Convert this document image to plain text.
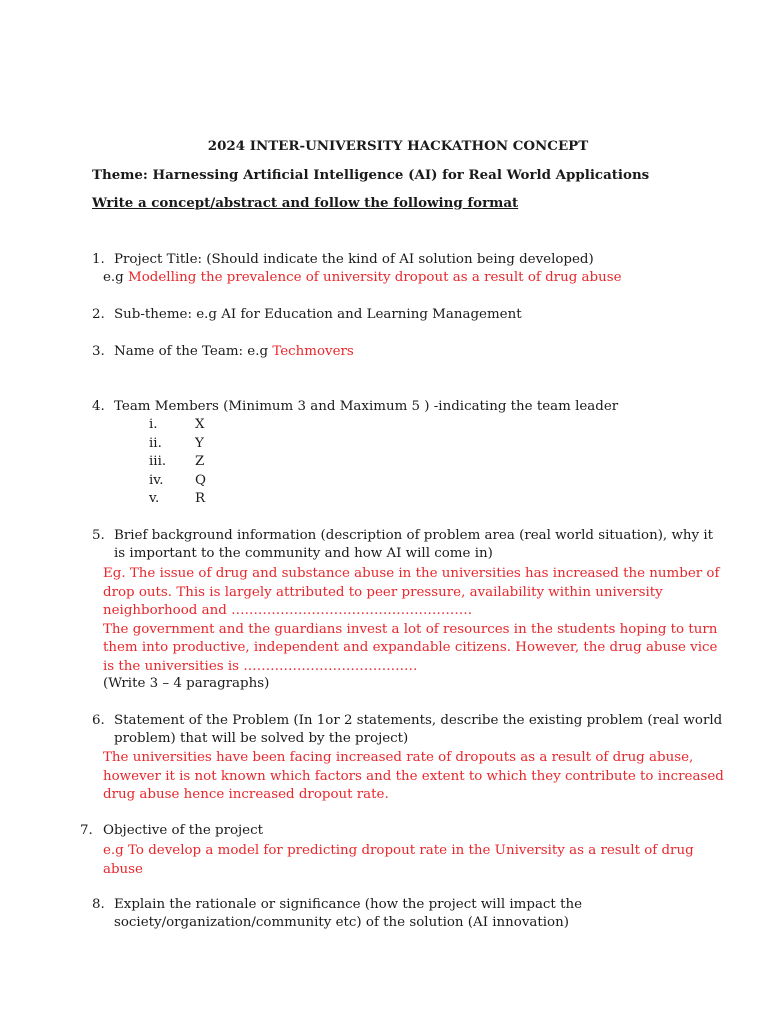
2024 INTER-UNIVERSITY HACKATHON CONCEPT
Theme: Harnessing Artificial Intelligence (AI) for Real World Applications
Write a concept/abstract and follow the following format
1. Project Title: (Should indicate the kind of AI solution being developed)
e.g Modelling the prevalence of university dropout as a result of drug abuse
2. Sub-theme: e.g AI for Education and Learning Management
3. Name of the Team: e.g Techmovers
4. Team Members (Minimum 3 and Maximum 5 ) -indicating the team leader
i.	X
ii. Y
iii. Z
iv. Q
v.	R
5. Brief background information (description of problem area (real world situation), why it
is important to the community and how AI will come in)
Eg. The issue of drug and substance abuse in the universities has increased the number of
drop outs. This is largely attributed to peer pressure, availability within university
neighborhood and ………………………………………………
The government and the guardians invest a lot of resources in the students hoping to turn
them into productive, independent and expandable citizens. However, the drug abuse vice
is the universities is …………………………………
(Write 3 – 4 paragraphs)
6. Statement of the Problem (In 1or 2 statements, describe the existing problem (real world
problem) that will be solved by the project)
The universities have been facing increased rate of dropouts as a result of drug abuse,
however it is not known which factors and the extent to which they contribute to increased
drug abuse hence increased dropout rate.
7. Objective of the project
e.g To develop a model for predicting dropout rate in the University as a result of drug
abuse
8. Explain the rationale or significance (how the project will impact the
society/organization/community etc) of the solution (AI innovation)
